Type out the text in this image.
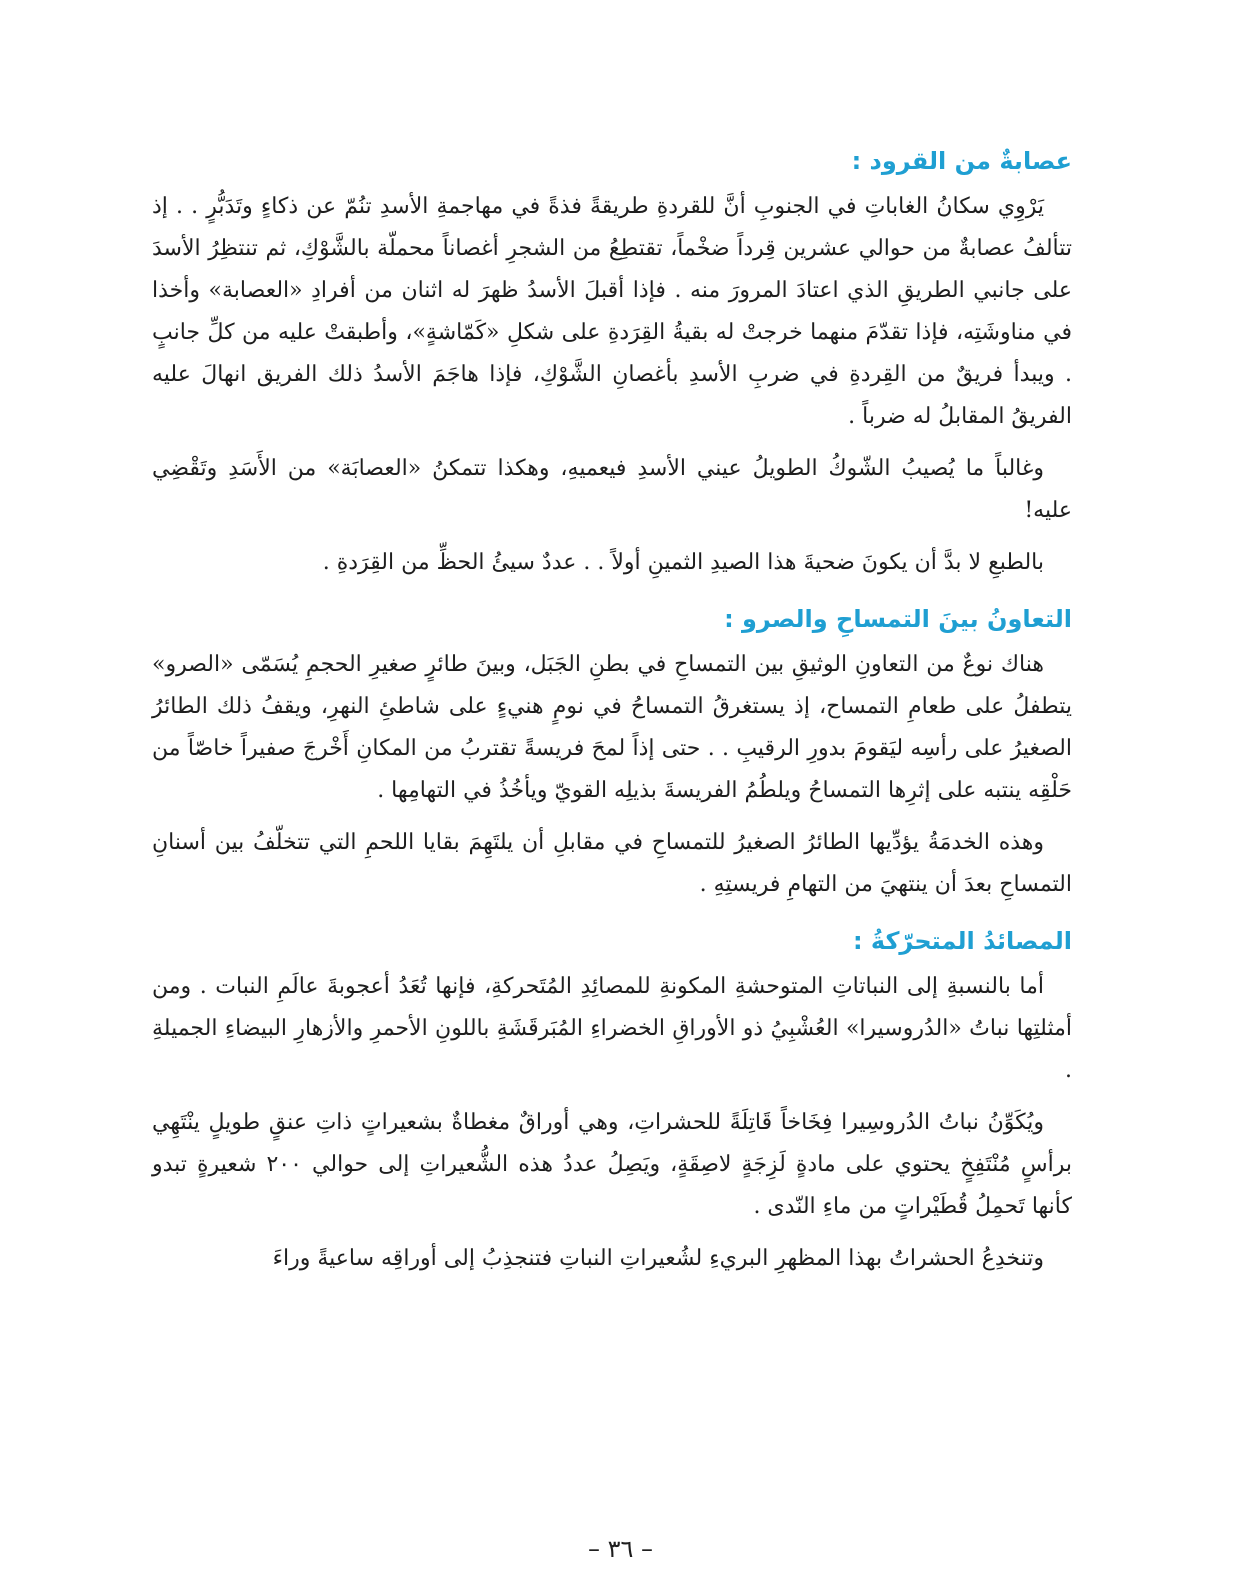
عصابةٌ من القرود :

يَرْوِي سكانُ الغاباتِ في الجنوبِ أنَّ للقردةِ طريقةً فذةً في مهاجمةِ الأسدِ تنُمّ عن ذكاءٍ وتَدَبُّرٍ . . إذ تتألفُ عصابةٌ من حوالي عشرين قِرداً ضخْماً، تقتطِعُ من الشجرِ أغصاناً محملّة بالشَّوْكِ، ثم تنتظِرُ الأسدَ على جانبي الطريقِ الذي اعتادَ المرورَ منه . فإذا أقبلَ الأسدُ ظهرَ له اثنان من أفرادِ «العصابة» وأخذا في مناوشَتِه، فإذا تقدّمَ منهما خرجتْ له بقيةُ القِرَدةِ على شكلِ «كَمّاشةٍ»، وأطبقتْ عليه من كلِّ جانبٍ . ويبدأ فريقٌ من القِردةِ في ضربِ الأسدِ بأغصانِ الشَّوْكِ، فإذا هاجَمَ الأسدُ ذلك الفريق انهالَ عليه الفريقُ المقابلُ له ضرباً .

وغالباً ما يُصيبُ الشّوكُ الطويلُ عيني الأسدِ فيعميهِ، وهكذا تتمكنُ «العصابَة» من الأَسَدِ وتَقْضِي عليه!

بالطبعِ لا بدَّ أن يكونَ ضحيةَ هذا الصيدِ الثمينِ أولاً . . عددٌ سيئُ الحظِّ من القِرَدةِ .

التعاونُ بينَ التمساحِ والصرو :

هناك نوعٌ من التعاونِ الوثيقِ بين التمساحِ في بطنِ الجَبَل، وبينَ طائرٍ صغيرِ الحجمِ يُسَمّى «الصرو» يتطفلُ على طعامِ التمساح، إذ يستغرقُ التمساحُ في نومٍ هنيءٍ على شاطئِ النهرِ، ويقفُ ذلك الطائرُ الصغيرُ على رأسِه ليَقومَ بدورِ الرقيبِ . . حتى إذاً لمحَ فريسةً تقتربُ من المكانِ أَخْرجَ صفيراً خاصّاً من حَلْقِه ينتبه على إثرِها التمساحُ ويلطُمُ الفريسةَ بذيلِه القويّ ويأخُذُ في التهامِها .

وهذه الخدمَةُ يؤدِّيها الطائرُ الصغيرُ للتمساحِ في مقابلِ أن يلتَهِمَ بقايا اللحمِ التي تتخلّفُ بين أسنانِ التمساحِ بعدَ أن ينتهيَ من التهامِ فريستِهِ .

المصائدُ المتحرّكةُ :

أما بالنسبةِ إلى النباتاتِ المتوحشةِ المكونةِ للمصائِدِ المُتَحركةِ، فإنها تُعَدُ أعجوبةَ عالَمِ النبات . ومن أمثلتِها نباتُ «الدُروسيرا» العُشْبِيُ ذو الأوراقِ الخضراءِ المُبَرقَشَةِ باللونِ الأحمرِ والأزهارِ البيضاءِ الجميلةِ .

ويُكَوِّنُ نباتُ الدُروسِيرا فِخَاخاً قَاتِلَةً للحشراتِ، وهي أوراقٌ مغطاةٌ بشعيراتٍ ذاتِ عنقٍ طويلٍ ينْتَهِي برأسٍ مُنْتَفِخٍ يحتوي على مادةٍ لَزِجَةٍ لاصِقَةٍ، ويَصِلُ عددُ هذه الشُّعيراتِ إلى حوالي ٢٠٠ شعيرةٍ تبدو كأنها تَحمِلُ قُطَيْراتٍ من ماءِ النّدى .

وتنخدِعُ الحشراتُ بهذا المظهرِ البريءِ لشُعيراتِ النباتِ فتنجذِبُ إلى أوراقِه ساعيةً وراءَ

– ٣٦ –
